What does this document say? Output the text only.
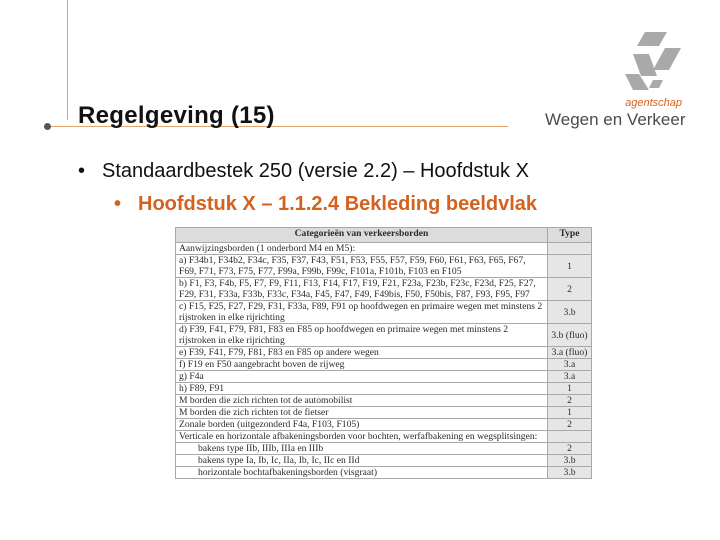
Regelgeving (15)	agentschap
Wegen en Verkeer
• Standaardbestek 250 (versie 2.2) – Hoofdstuk X
• Hoofdstuk X – 1.1.2.4 Bekleding beeldvlak
Categorieën van verkeersborden	Type
Aanwijzingsborden (1 onderbord M4 en M5):	
a) F34b1, F34b2, F34c, F35, F37, F43, F51, F53, F55, F57, F59, F60, F61, F63, F65, F67, F69, F71, F73, F75, F77, F99a, F99b, F99c, F101a, F101b, F103 en F105	1
b) F1, F3, F4b, F5, F7, F9, F11, F13, F14, F17, F19, F21, F23a, F23b, F23c, F23d, F25, F27, F29, F31, F33a, F33b, F33c, F34a, F45, F47, F49, F49bis, F50, F50bis, F87, F93, F95, F97	2
c) F15, F25, F27, F29, F31, F33a, F89, F91 op hoofdwegen en primaire wegen met minstens 2 rijstroken in elke rijrichting	3.b
d) F39, F41, F79, F81, F83 en F85 op hoofdwegen en primaire wegen met minstens 2 rijstroken in elke rijrichting	3.b (fluo)
e) F39, F41, F79, F81, F83 en F85 op andere wegen	3.a (fluo)
f) F19 en F50 aangebracht boven de rijweg	3.a
g) F4a	3.a
h) F89, F91	1
M borden die zich richten tot de automobilist	2
M borden die zich richten tot de fietser	1
Zonale borden (uitgezonderd F4a, F103, F105)	2
Verticale en horizontale afbakeningsborden voor bochten, werfafbakening en wegsplitsingen:	
bakens type IIb, IIIb, IIIa en IIIb	2
bakens type Ia, Ib, Ic, IIa, Ib, Ic, IIc en IId	3.b
horizontale bochtafbakeningsborden (visgraat)	3.b
